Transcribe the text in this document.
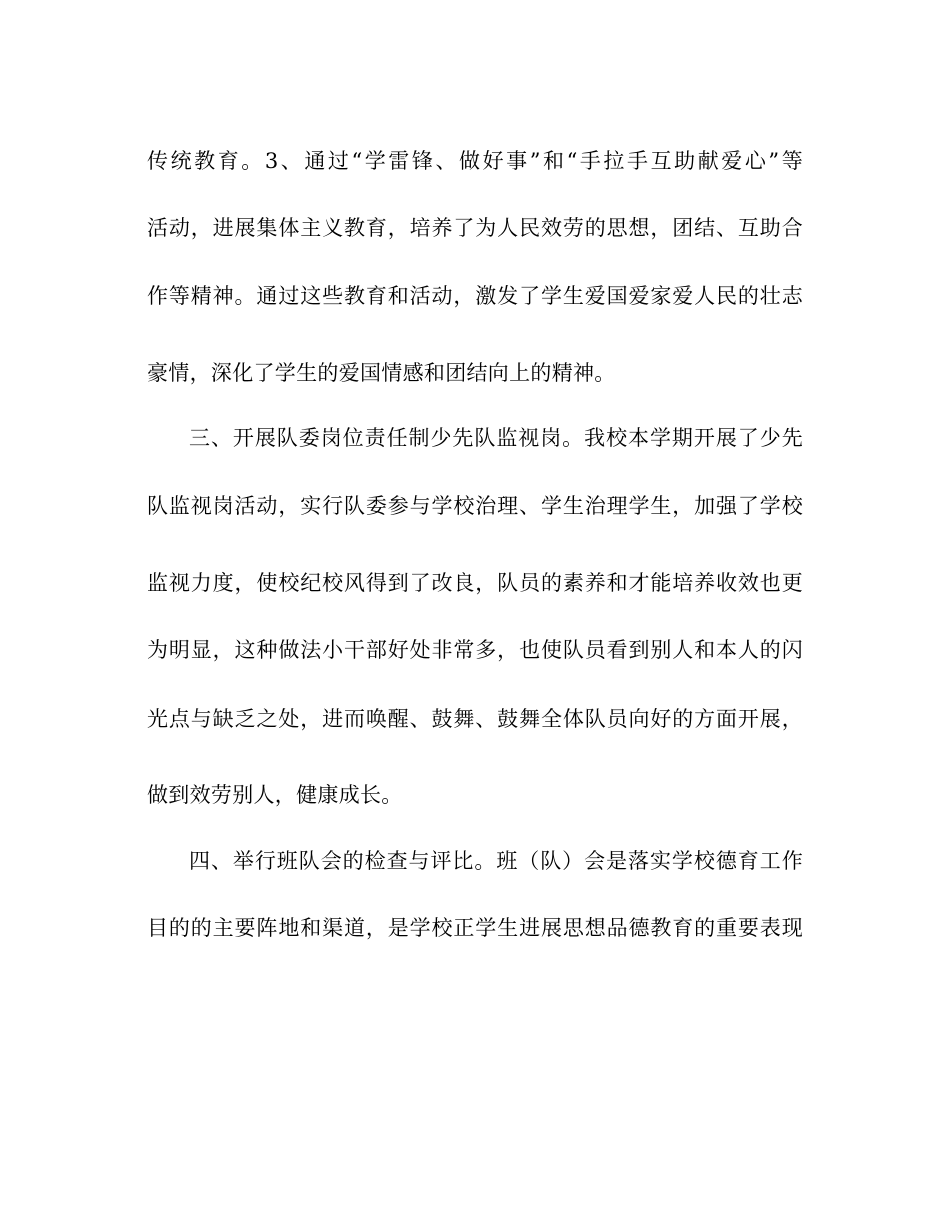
传统教育。3、通过“学雷锋、做好事”和“手拉手互助献爱心”等
活动，进展集体主义教育，培养了为人民效劳的思想，团结、互助合
作等精神。通过这些教育和活动，激发了学生爱国爱家爱人民的壮志
豪情，深化了学生的爱国情感和团结向上的精神。
三、开展队委岗位责任制少先队监视岗。我校本学期开展了少先
队监视岗活动，实行队委参与学校治理、学生治理学生，加强了学校
监视力度，使校纪校风得到了改良，队员的素养和才能培养收效也更
为明显，这种做法小干部好处非常多，也使队员看到别人和本人的闪
光点与缺乏之处，进而唤醒、鼓舞、鼓舞全体队员向好的方面开展，
做到效劳别人，健康成长。
四、举行班队会的检查与评比。班（队）会是落实学校德育工作
目的的主要阵地和渠道，是学校正学生进展思想品德教育的重要表现
